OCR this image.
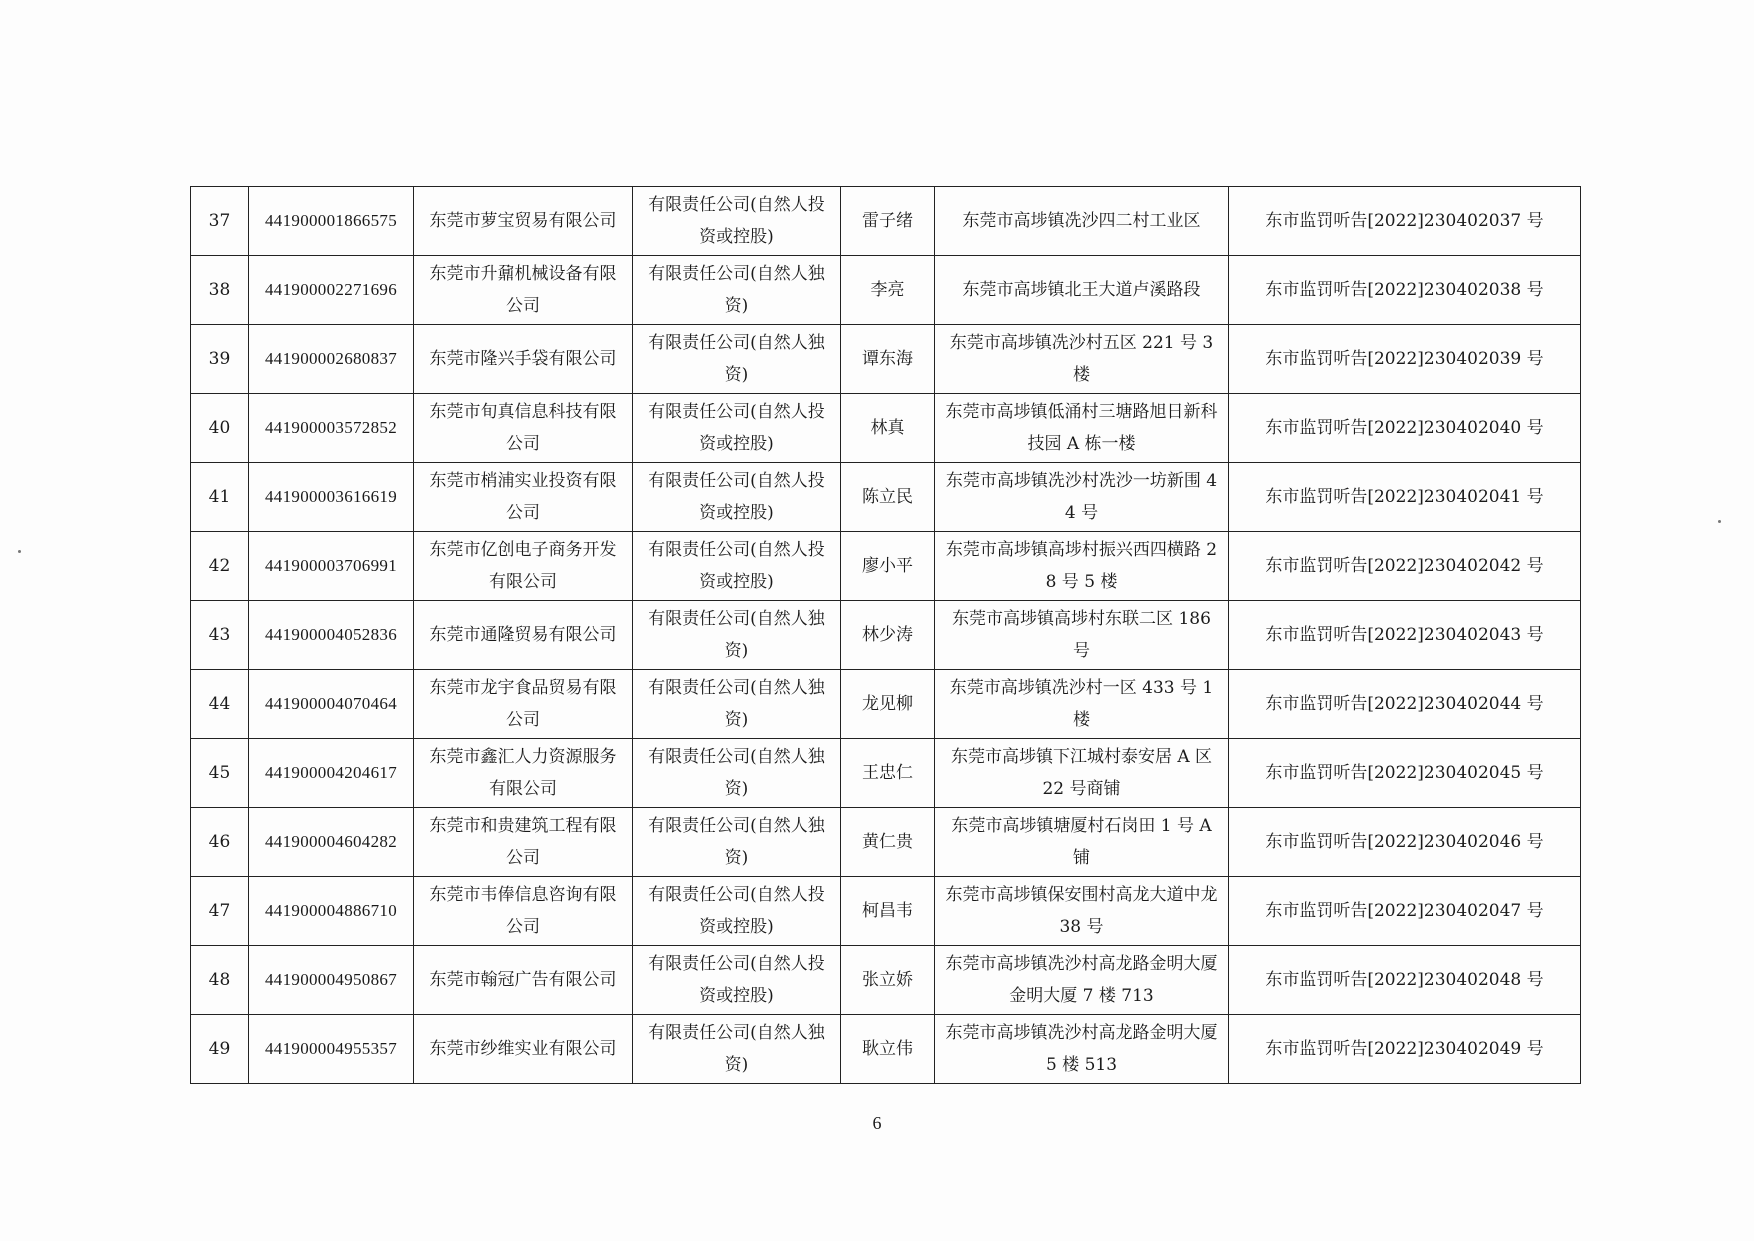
37	441900001866575	东莞市萝宝贸易有限公司	有限责任公司(自然人投资或控股)	雷子绪	东莞市高埗镇冼沙四二村工业区	东市监罚听告[2022]230402037 号
38	441900002271696	东莞市升鼐机械设备有限公司	有限责任公司(自然人独资)	李亮	东莞市高埗镇北王大道卢溪路段	东市监罚听告[2022]230402038 号
39	441900002680837	东莞市隆兴手袋有限公司	有限责任公司(自然人独资)	谭东海	东莞市高埗镇冼沙村五区 221 号 3 楼	东市监罚听告[2022]230402039 号
40	441900003572852	东莞市旬真信息科技有限公司	有限责任公司(自然人投资或控股)	林真	东莞市高埗镇低涌村三塘路旭日新科技园 A 栋一楼	东市监罚听告[2022]230402040 号
41	441900003616619	东莞市梢浦实业投资有限公司	有限责任公司(自然人投资或控股)	陈立民	东莞市高埗镇冼沙村冼沙一坊新围 44 号	东市监罚听告[2022]230402041 号
42	441900003706991	东莞市亿创电子商务开发有限公司	有限责任公司(自然人投资或控股)	廖小平	东莞市高埗镇高埗村振兴西四横路 28 号 5 楼	东市监罚听告[2022]230402042 号
43	441900004052836	东莞市通隆贸易有限公司	有限责任公司(自然人独资)	林少涛	东莞市高埗镇高埗村东联二区 186 号	东市监罚听告[2022]230402043 号
44	441900004070464	东莞市龙宇食品贸易有限公司	有限责任公司(自然人独资)	龙见柳	东莞市高埗镇冼沙村一区 433 号 1 楼	东市监罚听告[2022]230402044 号
45	441900004204617	东莞市鑫汇人力资源服务有限公司	有限责任公司(自然人独资)	王忠仁	东莞市高埗镇下江城村泰安居 A 区 22 号商铺	东市监罚听告[2022]230402045 号
46	441900004604282	东莞市和贵建筑工程有限公司	有限责任公司(自然人独资)	黄仁贵	东莞市高埗镇塘厦村石岗田 1 号 A 铺	东市监罚听告[2022]230402046 号
47	441900004886710	东莞市韦俸信息咨询有限公司	有限责任公司(自然人投资或控股)	柯昌韦	东莞市高埗镇保安围村高龙大道中龙 38 号	东市监罚听告[2022]230402047 号
48	441900004950867	东莞市翰冠广告有限公司	有限责任公司(自然人投资或控股)	张立娇	东莞市高埗镇冼沙村高龙路金明大厦金明大厦 7 楼 713	东市监罚听告[2022]230402048 号
49	441900004955357	东莞市纱维实业有限公司	有限责任公司(自然人独资)	耿立伟	东莞市高埗镇冼沙村高龙路金明大厦 5 楼 513	东市监罚听告[2022]230402049 号
6
